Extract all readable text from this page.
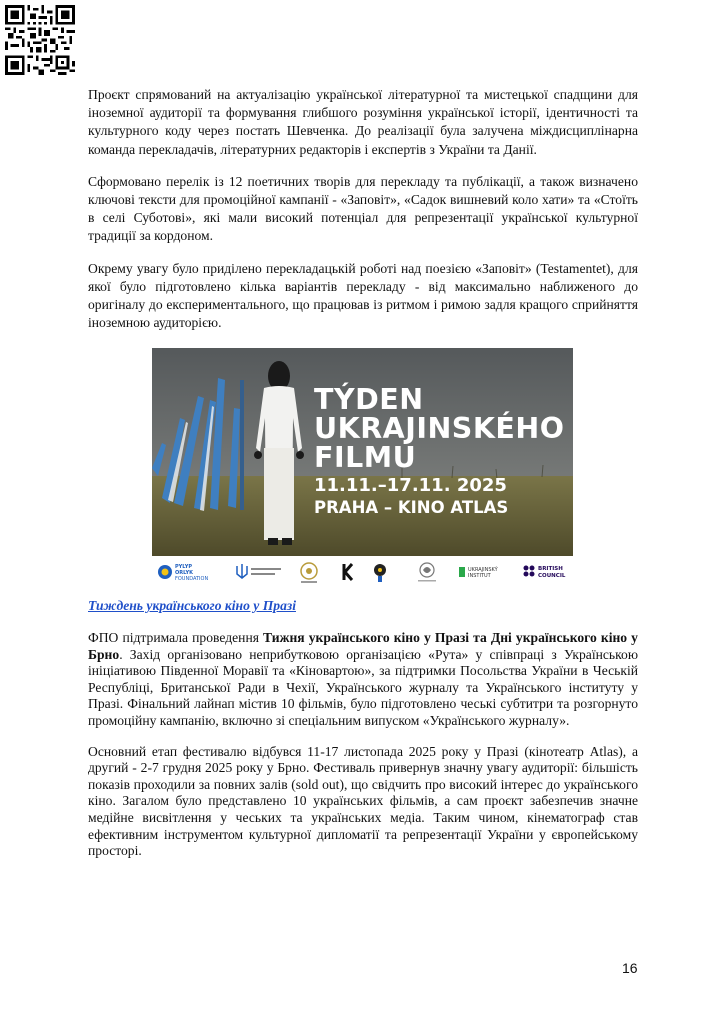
Проєкт спрямований на актуалізацію української літературної та мистецької спадщини для іноземної аудиторії та формування глибшого розуміння української історії, ідентичності та культурного коду через постать Шевченка. До реалізації була залучена міждисциплінарна команда перекладачів, літературних редакторів і експертів з України та Данії.

Сформовано перелік із 12 поетичних творів для перекладу та публікації, а також визначено ключові тексти для промоційної кампанії - «Заповіт», «Садок вишневий коло хати» та «Стоїть в селі Суботові», які мали високий потенціал для репрезентації української культурної традиції за кордоном.

Окрему увагу було приділено перекладацькій роботі над поезією «Заповіт» (Testamentet), для якої було підготовлено кілька варіантів перекладу - від максимально наближеного до оригіналу до експериментального, що працював із ритмом і римою задля кращого сприйняття іноземною аудиторією.

TÝDEN
UKRAJINSKÉHO
FILMU
11.11.–17.11. 2025
PRAHA – KINO ATLAS
PYLYP
ORLYK
FOUNDATION
UKRAJINSKÝ
INSTITUT
BRITISH
COUNCIL
Тиждень українського кіно у Празі

ФПО підтримала проведення Тижня українського кіно у Празі та Дні українського кіно у Брно. Захід організовано неприбутковою організацією «Рута» у співпраці з Українською ініціативою Південної Моравії та «Кіновартою», за підтримки Посольства України в Чеській Республіці, Британської Ради в Чехії, Українського журналу та Українського інституту у Празі. Фінальний лайнап містив 10 фільмів, було підготовлено чеські субтитри та розгорнуто промоційну кампанію, включно зі спеціальним випуском «Українського журналу».

Основний етап фестивалю відбувся 11-17 листопада 2025 року у Празі (кінотеатр Atlas), а другий - 2-7 грудня 2025 року у Брно. Фестиваль привернув значну увагу аудиторії: більшість показів проходили за повних залів (sold out), що свідчить про високий інтерес до українського кіно. Загалом було представлено 10 українських фільмів, а сам проєкт забезпечив значне медійне висвітлення у чеських та українських медіа. Таким чином, кінематограф став ефективним інструментом культурної дипломатії та репрезентації України у європейському просторі.

16
